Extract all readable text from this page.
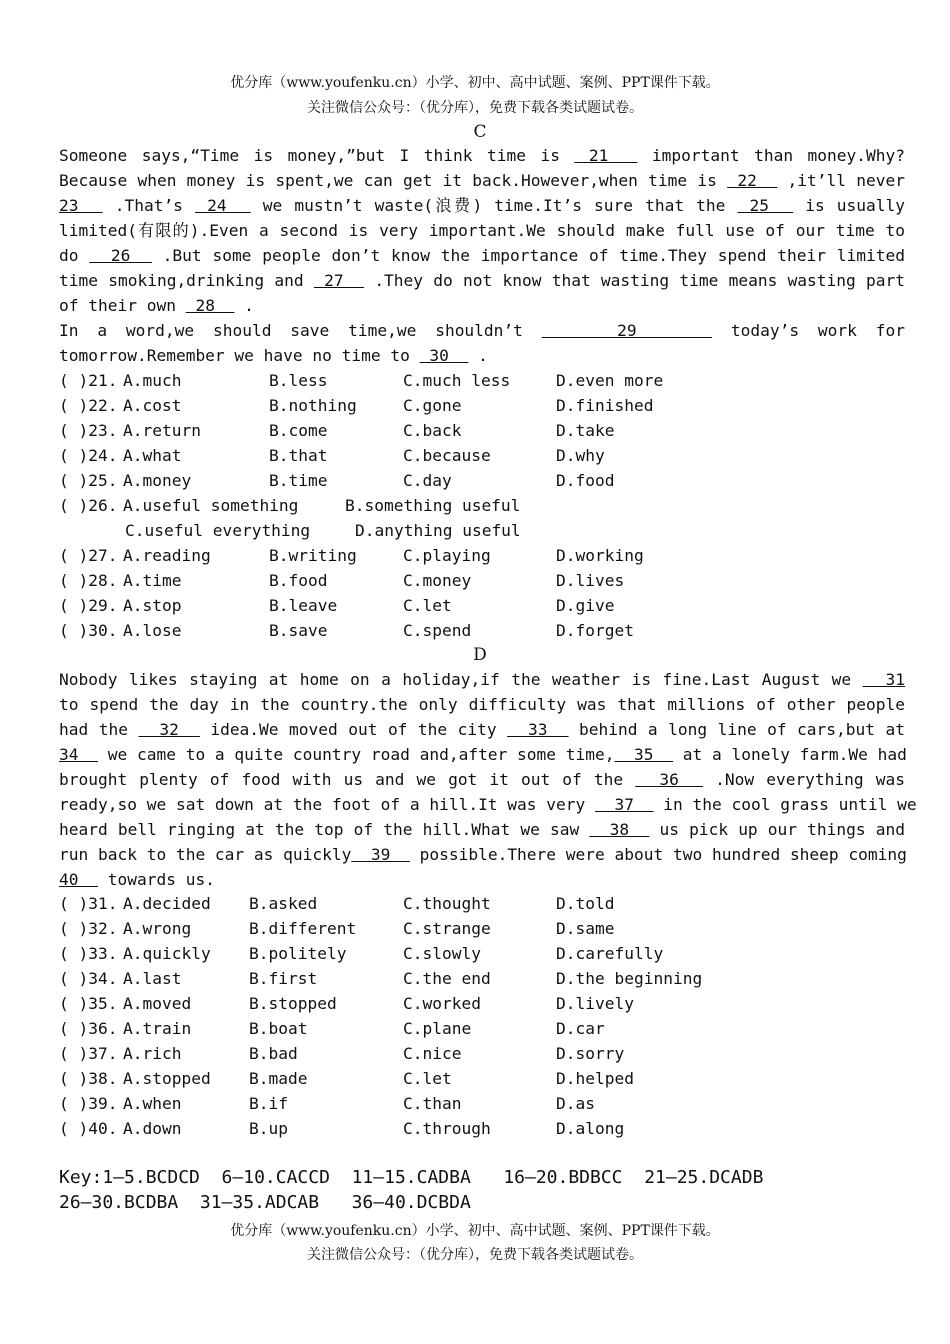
优分库（www.youfenku.cn）小学、初中、高中试题、案例、PPT课件下载。
关注微信公众号：（优分库），免费下载各类试题试卷。
C
Someone says,“Time is money,”but I think time is  21   important than money.Why?
Because when money is spent,we can get it back.However,when time is  22   ,it’ll never
23   .That’s  24   we mustn’t waste(浪费) time.It’s sure that the  25   is usually
limited(有限的).Even a second is very important.We should make full use of our time to
do   26   .But some people don’t know the importance of time.They spend their limited
time smoking,drinking and  27   .They do not know that wasting time means wasting part
of their own  28   .
In a word,we should save time,we shouldn’t     29     today’s work for
tomorrow.Remember we have no time to  30   .
( )21. A.much	B.less	C.much less	D.even more
( )22. A.cost	B.nothing	C.gone	D.finished
( )23. A.return	B.come	C.back	D.take
( )24. A.what	B.that	C.because	D.why
( )25. A.money	B.time	C.day	D.food
( )26. A.useful something	B.something useful
C.useful everything	D.anything useful
( )27. A.reading	B.writing	C.playing	D.working
( )28. A.time	B.food	C.money	D.lives
( )29. A.stop	B.leave	C.let	D.give
( )30. A.lose	B.save	C.spend	D.forget
D
Nobody likes staying at home on a holiday,if the weather is fine.Last August we   31
to spend the day in the country.the only difficulty was that millions of other people
had the   32   idea.We moved out of the city   33   behind a long line of cars,but at
34   we came to a quite country road and,after some time,  35   at a lonely farm.We had
brought plenty of food with us and we got it out of the   36   .Now everything was
ready,so we sat down at the foot of a hill.It was very   37   in the cool grass until we
heard bell ringing at the top of the hill.What we saw   38   us pick up our things and
run back to the car as quickly  39   possible.There were about two hundred sheep coming
40   towards us.
( )31. A.decided B.asked	C.thought	D.told
( )32. A.wrong	B.different	C.strange	D.same
( )33. A.quickly B.politely	C.slowly	D.carefully
( )34. A.last	B.first	C.the end	D.the beginning
( )35. A.moved	B.stopped	C.worked	D.lively
( )36. A.train	B.boat	C.plane	D.car
( )37. A.rich	B.bad	C.nice	D.sorry
( )38. A.stopped B.made	C.let	D.helped
( )39. A.when	B.if	C.than	D.as
( )40. A.down	B.up	C.through	D.along
Key:1—5.BCDCD  6—10.CACCD  11—15.CADBA   16—20.BDBCC  21—25.DCADB
26—30.BCDBA  31—35.ADCAB   36—40.DCBDA
优分库（www.youfenku.cn）小学、初中、高中试题、案例、PPT课件下载。
关注微信公众号：（优分库），免费下载各类试题试卷。
